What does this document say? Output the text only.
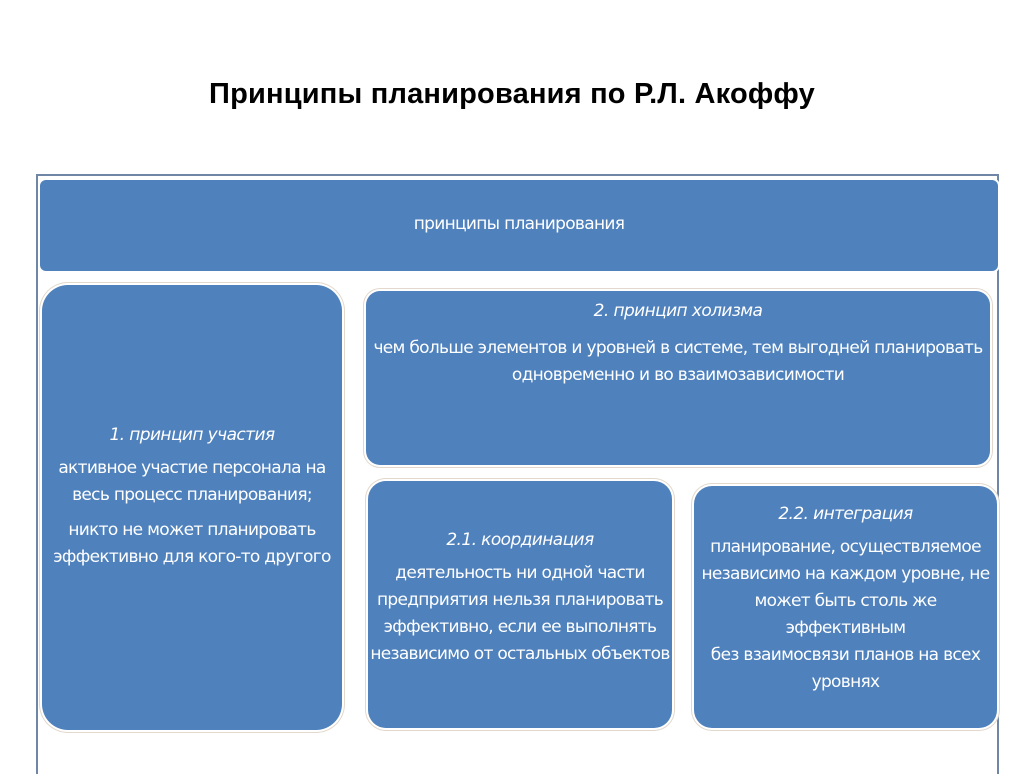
Принципы планирования по Р.Л. Акоффу
принципы планирования
1. принцип участия
активное участие персонала на
весь процесс планирования;
никто не может планировать
эффективно для кого-то другого
2. принцип холизма
чем больше элементов и уровней в системе, тем выгодней планировать
одновременно и во взаимозависимости
2.1. координация
деятельность ни одной части
предприятия нельзя планировать
эффективно, если ее выполнять
независимо от остальных объектов
2.2. интеграция
планирование, осуществляемое
независимо на каждом уровне, не
может быть столь же эффективным
без взаимосвязи планов на всех
уровнях
